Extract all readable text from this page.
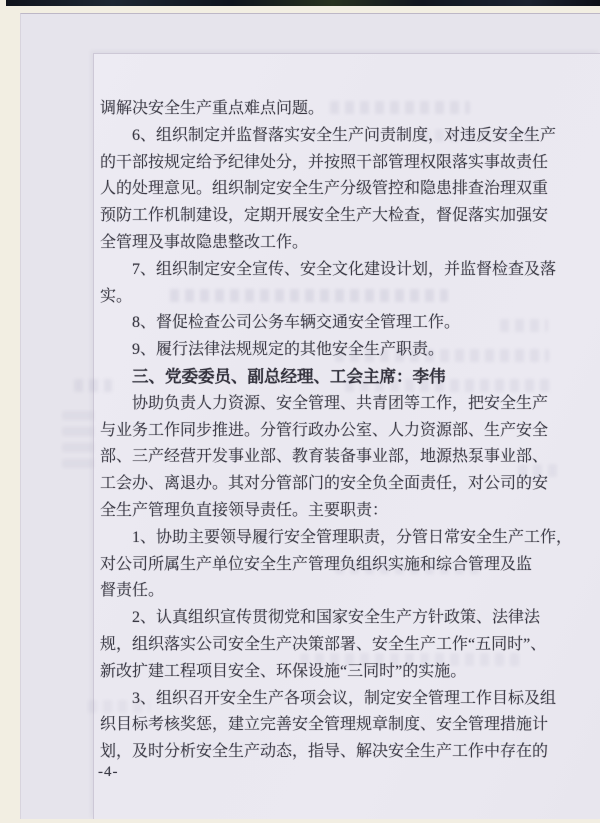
调解决安全生产重点难点问题。
6、组织制定并监督落实安全生产问责制度，对违反安全生产
的干部按规定给予纪律处分，并按照干部管理权限落实事故责任
人的处理意见。组织制定安全生产分级管控和隐患排查治理双重
预防工作机制建设，定期开展安全生产大检查，督促落实加强安
全管理及事故隐患整改工作。
7、组织制定安全宣传、安全文化建设计划，并监督检查及落
实。
8、督促检查公司公务车辆交通安全管理工作。
9、履行法律法规规定的其他安全生产职责。
三、党委委员、副总经理、工会主席：李伟
协助负责人力资源、安全管理、共青团等工作，把安全生产
与业务工作同步推进。分管行政办公室、人力资源部、生产安全
部、三产经营开发事业部、教育装备事业部，地源热泵事业部、
工会办、离退办。其对分管部门的安全负全面责任，对公司的安
全生产管理负直接领导责任。主要职责：
1、协助主要领导履行安全管理职责，分管日常安全生产工作，
对公司所属生产单位安全生产管理负组织实施和综合管理及监
督责任。
2、认真组织宣传贯彻党和国家安全生产方针政策、法律法
规，组织落实公司安全生产决策部署、安全生产工作“五同时”、
新改扩建工程项目安全、环保设施“三同时”的实施。
3、组织召开安全生产各项会议，制定安全管理工作目标及组
织目标考核奖惩，建立完善安全管理规章制度、安全管理措施计
划，及时分析安全生产动态，指导、解决安全生产工作中存在的
-4-
